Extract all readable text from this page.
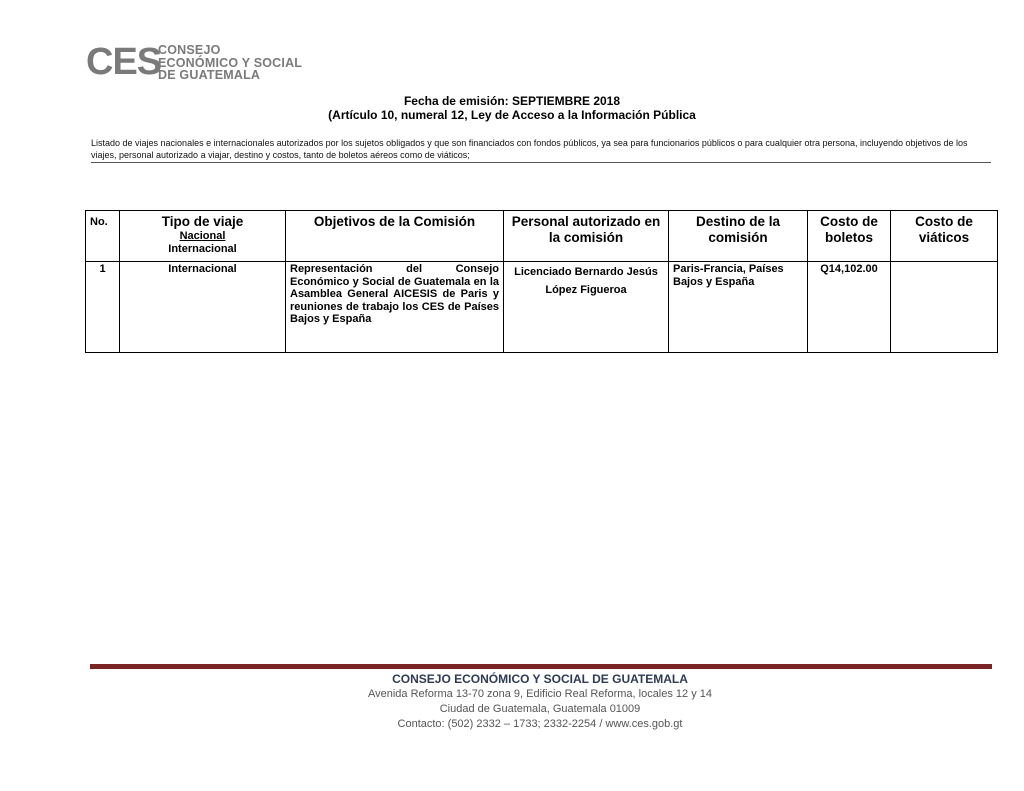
CES
CONSEJO
ECONÓMICO Y SOCIAL
DE GUATEMALA
Fecha de emisión: SEPTIEMBRE 2018
(Artículo 10, numeral 12, Ley de Acceso a la Información Pública
Listado de viajes nacionales e internacionales autorizados por los sujetos obligados y que son financiados con fondos públicos, ya sea para funcionarios públicos o para cualquier otra persona, incluyendo objetivos de los viajes, personal autorizado a viajar, destino y costos, tanto de boletos aéreos como de viáticos;
No.	Tipo de viaje
Nacional
Internacional	Objetivos de la Comisión	Personal autorizado en la comisión	Destino de la comisión	Costo de boletos	Costo de viáticos
1	Internacional	Representación del Consejo Económico y Social de Guatemala en la Asamblea General AICESIS de Paris y reuniones de trabajo los CES de Países Bajos y España	Licenciado Bernardo Jesús López Figueroa	Paris-Francia, Países Bajos y España	Q14,102.00	
CONSEJO ECONÓMICO Y SOCIAL DE GUATEMALA
Avenida Reforma 13-70 zona 9, Edificio Real Reforma, locales 12 y 14
Ciudad de Guatemala, Guatemala 01009
Contacto: (502) 2332 – 1733; 2332-2254 / www.ces.gob.gt
